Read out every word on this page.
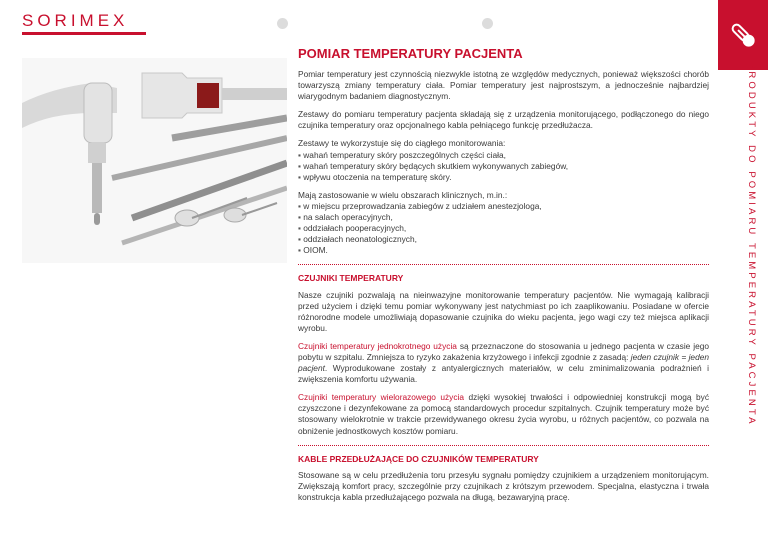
SORIMEX
PRODUKTY DO POMIARU TEMPERATURY PACJENTA
POMIAR TEMPERATURY PACJENTA

Pomiar temperatury jest czynnością niezwykle istotną ze względów medycznych, ponieważ większości chorób towarzyszą zmiany temperatury ciała. Pomiar temperatury jest najprostszym, a jednocześnie najbardziej wiarygodnym badaniem diagnostycznym.

Zestawy do pomiaru temperatury pacjenta składają się z urządzenia monitorującego, podłączonego do niego czujnika temperatury oraz opcjonalnego kabla pełniącego funkcję przedłużacza.

Zestawy te wykorzystuje się do ciągłego monitorowania:
▪ wahań temperatury skóry poszczególnych części ciała,
▪ wahań temperatury skóry będących skutkiem wykonywanych zabiegów,
▪ wpływu otoczenia na temperaturę skóry.
Mają zastosowanie w wielu obszarach klinicznych, m.in.:
▪ w miejscu przeprowadzania zabiegów z udziałem anestezjologa,
▪ na salach operacyjnych,
▪ oddziałach pooperacyjnych,
▪ oddziałach neonatologicznych,
▪ OIOM.
CZUJNIKI TEMPERATURY

Nasze czujniki pozwalają na nieinwazyjne monitorowanie temperatury pacjentów. Nie wymagają kalibracji przed użyciem i dzięki temu pomiar wykonywany jest natychmiast po ich zaaplikowaniu. Posiadane w ofercie różnorodne modele umożliwiają dopasowanie czujnika do wieku pacjenta, jego wagi czy też miejsca aplikacji wyrobu.

Czujniki temperatury jednokrotnego użycia są przeznaczone do stosowania u jednego pacjenta w czasie jego pobytu w szpitalu. Zmniejsza to ryzyko zakażenia krzyżowego i infekcji zgodnie z zasadą: jeden czujnik = jeden pacjent. Wyprodukowane zostały z antyalergicznych materiałów, w celu zminimalizowania podrażnień i zwiększenia komfortu używania.

Czujniki temperatury wielorazowego użycia dzięki wysokiej trwałości i odpowiedniej konstrukcji mogą być czyszczone i dezynfekowane za pomocą standardowych procedur szpitalnych. Czujnik temperatury może być stosowany wielokrotnie w trakcie przewidywanego okresu życia wyrobu, u różnych pacjentów, co pozwala na obniżenie jednostkowych kosztów pomiaru.

KABLE PRZEDŁUŻAJĄCE DO CZUJNIKÓW TEMPERATURY

Stosowane są w celu przedłużenia toru przesyłu sygnału pomiędzy czujnikiem a urządzeniem monitorującym. Zwiększają komfort pracy, szczególnie przy czujnikach z krótszym przewodem. Specjalna, elastyczna i trwała konstrukcja kabla przedłużającego pozwala na długą, bezawaryjną pracę.
